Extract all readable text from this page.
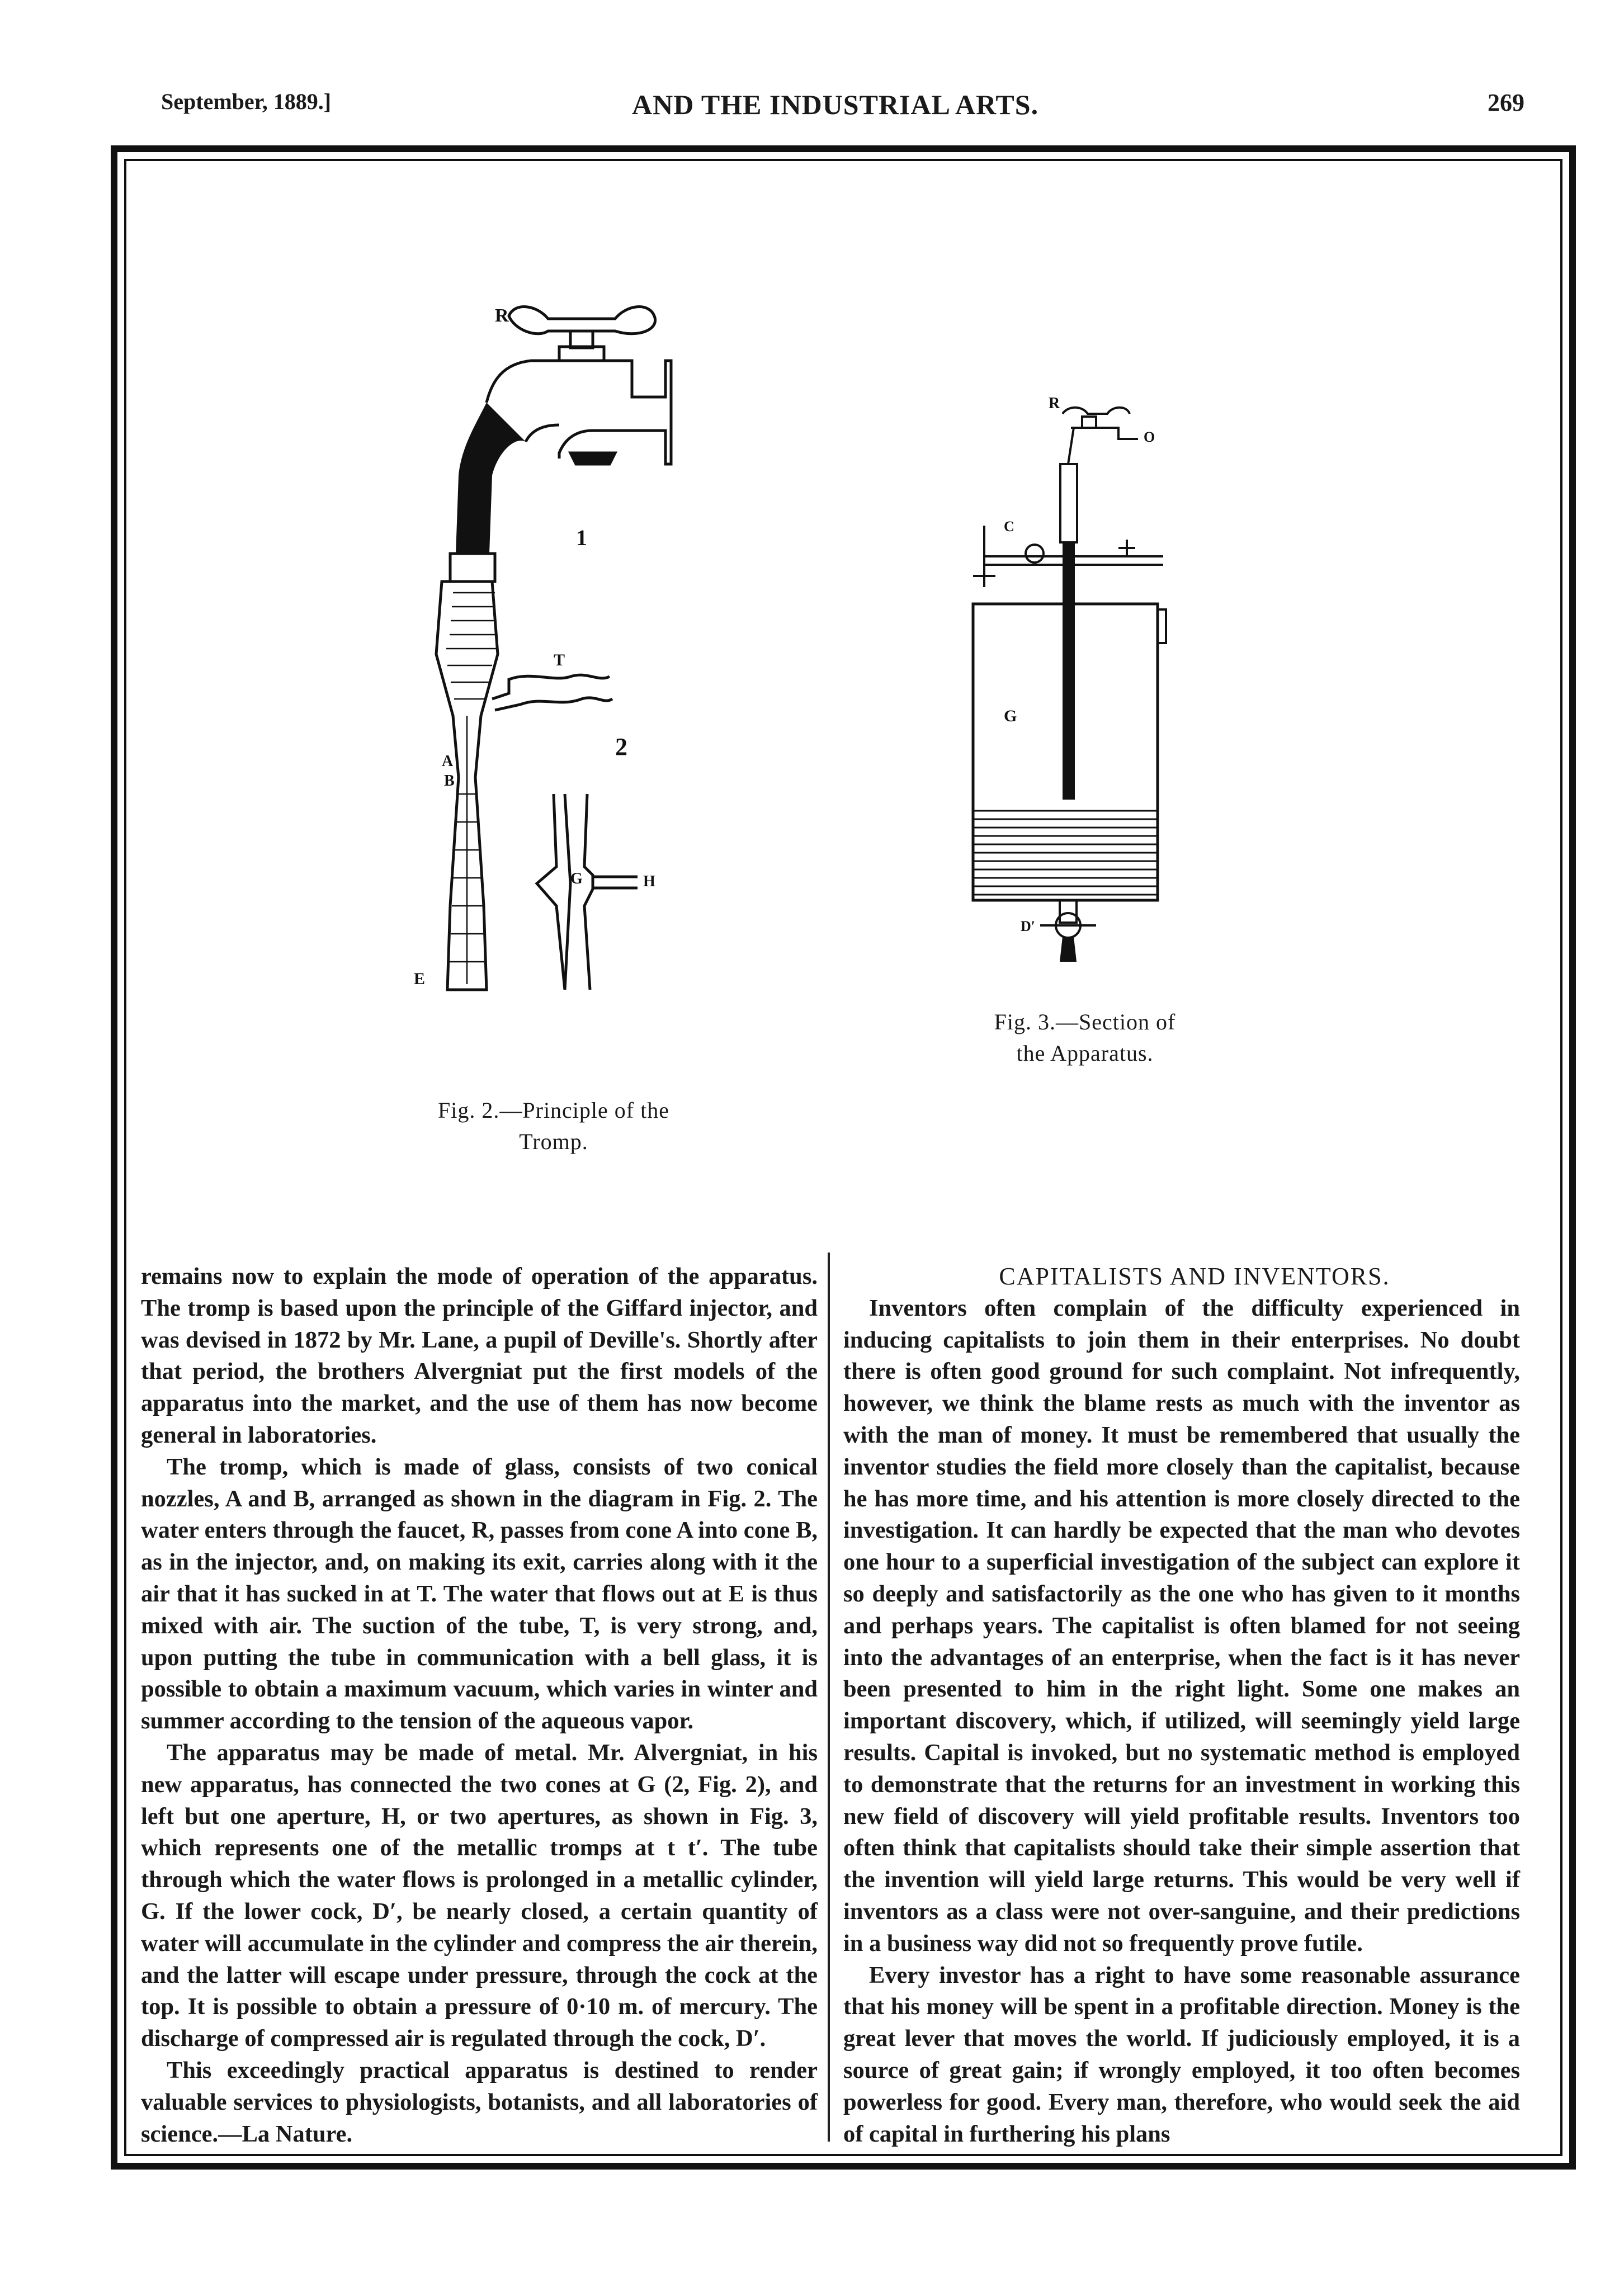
September, 1889.]	AND THE INDUSTRIAL ARTS.	269
R
1
T
2
A
B
G	H
E
Fig. 2.—Principle of the
Tromp.
R
O
C
G
D′
Fig. 3.—Section of
the Apparatus.

remains now to explain the mode of operation of the apparatus. The tromp is based upon the principle of the Giffard injector, and was devised in 1872 by Mr. Lane, a pupil of Deville's. Shortly after that period, the brothers Alvergniat put the first models of the apparatus into the market, and the use of them has now become general in laboratories.

The tromp, which is made of glass, consists of two conical nozzles, A and B, arranged as shown in the diagram in Fig. 2. The water enters through the faucet, R, passes from cone A into cone B, as in the injector, and, on making its exit, carries along with it the air that it has sucked in at T. The water that flows out at E is thus mixed with air. The suction of the tube, T, is very strong, and, upon putting the tube in communication with a bell glass, it is possible to obtain a maximum vacuum, which varies in winter and summer according to the tension of the aqueous vapor.

The apparatus may be made of metal. Mr. Alvergniat, in his new apparatus, has connected the two cones at G (2, Fig. 2), and left but one aperture, H, or two apertures, as shown in Fig. 3, which represents one of the metallic tromps at t t′. The tube through which the water flows is prolonged in a metallic cylinder, G. If the lower cock, D′, be nearly closed, a certain quantity of water will accumulate in the cylinder and compress the air therein, and the latter will escape under pressure, through the cock at the top. It is possible to obtain a pressure of 0·10 m. of mercury. The discharge of compressed air is regulated through the cock, D′.

This exceedingly practical apparatus is destined to render valuable services to physiologists, botanists, and all laboratories of science.—La Nature.

CAPITALISTS AND INVENTORS.

Inventors often complain of the difficulty experienced in inducing capitalists to join them in their enterprises. No doubt there is often good ground for such complaint. Not infrequently, however, we think the blame rests as much with the inventor as with the man of money. It must be remembered that usually the inventor studies the field more closely than the capitalist, because he has more time, and his attention is more closely directed to the investigation. It can hardly be expected that the man who devotes one hour to a superficial investigation of the subject can explore it so deeply and satisfactorily as the one who has given to it months and perhaps years. The capitalist is often blamed for not seeing into the advantages of an enterprise, when the fact is it has never been presented to him in the right light. Some one makes an important discovery, which, if utilized, will seemingly yield large results. Capital is invoked, but no systematic method is employed to demonstrate that the returns for an investment in working this new field of discovery will yield profitable results. Inventors too often think that capitalists should take their simple assertion that the invention will yield large returns. This would be very well if inventors as a class were not over-sanguine, and their predictions in a business way did not so frequently prove futile.

Every investor has a right to have some reasonable assurance that his money will be spent in a profitable direction. Money is the great lever that moves the world. If judiciously employed, it is a source of great gain; if wrongly employed, it too often becomes powerless for good. Every man, therefore, who would seek the aid of capital in furthering his plans
